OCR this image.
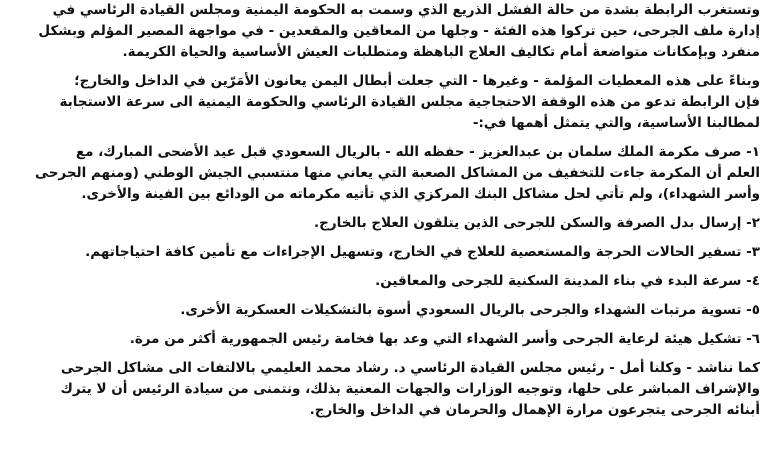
وتستغرب الرابطة بشدة من حالة الفشل الذريع الذي وسمت به الحكومة اليمنية ومجلس القيادة الرئاسي في
إدارة ملف الجرحى، حين تركوا هذه الفئة - وجلها من المعاقين والمقعدين - في مواجهة المصير المؤلم وبشكل
منفرد وبإمكانات متواضعة أمام تكاليف العلاج الباهظة ومتطلبات العيش الأساسية والحياة الكريمة.
وبناءً على هذه المعطيات المؤلمة - وغيرها - التي جعلت أبطال اليمن يعانون الأمَرّين في الداخل والخارج؛
فإن الرابطة تدعو من هذه الوقفة الاحتجاجية مجلس القيادة الرئاسي والحكومة اليمنية الى سرعة الاستجابة
لمطالبنا الأساسية، والتي يتمثل أهمها في:-
١- صرف مكرمة الملك سلمان بن عبدالعزيز - حفظه الله - بالريال السعودي قبل عيد الأضحى المبارك، مع
العلم أن المكرمة جاءت للتخفيف من المشاكل الصعبة التي يعاني منها منتسبي الجيش الوطني (ومنهم الجرحى
وأسر الشهداء)، ولم تأتي لحل مشاكل البنك المركزي الذي تأتيه مكرماته من الودائع بين الفينة والأخرى.
٢- إرسال بدل الصرفة والسكن للجرحى الذين يتلقون العلاج بالخارج.
٣- تسفير الحالات الحرجة والمستعصية للعلاج في الخارج، وتسهيل الإجراءات مع تأمين كافة احتياجاتهم.
٤- سرعة البدء في بناء المدينة السكنية للجرحى والمعاقين.
٥- تسوية مرتبات الشهداء والجرحى بالريال السعودي أسوة بالتشكيلات العسكرية الأخرى.
٦- تشكيل هيئة لرعاية الجرحى وأسر الشهداء التي وعد بها فخامة رئيس الجمهورية أكثر من مرة.
كما نناشد - وكلنا أمل - رئيس مجلس القيادة الرئاسي د. رشاد محمد العليمي بالالتفات الى مشاكل الجرحى
والإشراف المباشر على حلها، وتوجيه الوزارات والجهات المعنية بذلك، ونتمنى من سيادة الرئيس أن لا يترك
أبنائه الجرحى يتجرعون مرارة الإهمال والحرمان في الداخل والخارج.
